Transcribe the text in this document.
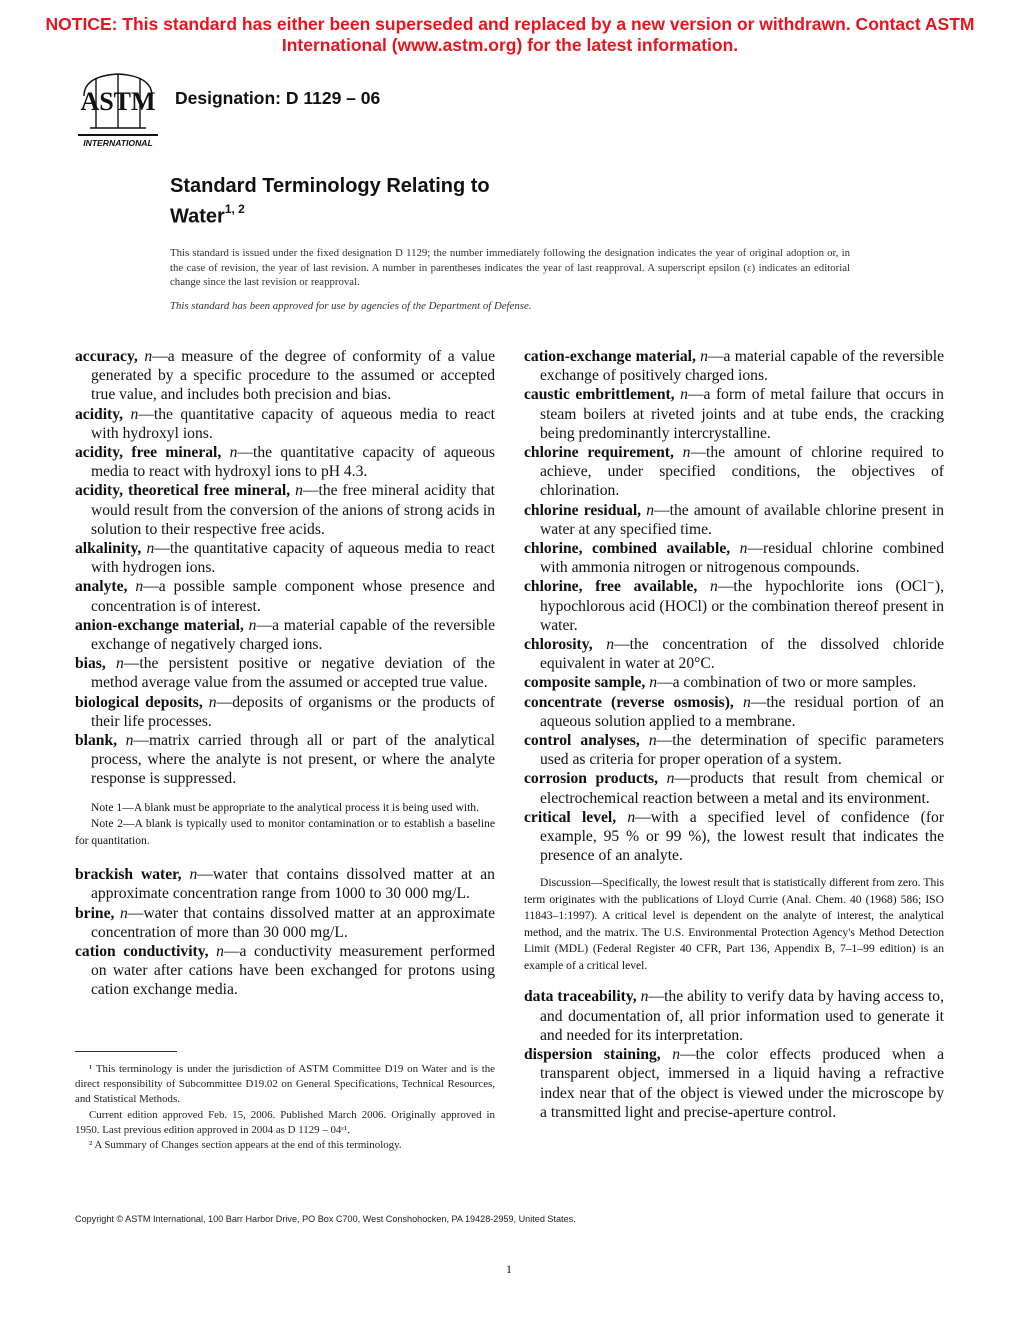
NOTICE: This standard has either been superseded and replaced by a new version or withdrawn. Contact ASTM International (www.astm.org) for the latest information.
ASTM
INTERNATIONAL
Designation: D 1129 – 06
Standard Terminology Relating to
Water$^{1, 2}$
This standard is issued under the fixed designation D 1129; the number immediately following the designation indicates the year of original adoption or, in the case of revision, the year of last revision. A number in parentheses indicates the year of last reapproval. A superscript epsilon (ε) indicates an editorial change since the last revision or reapproval.
This standard has been approved for use by agencies of the Department of Defense.

accuracy, n—a measure of the degree of conformity of a value generated by a specific procedure to the assumed or accepted true value, and includes both precision and bias.

acidity, n—the quantitative capacity of aqueous media to react with hydroxyl ions.

acidity, free mineral, n—the quantitative capacity of aqueous media to react with hydroxyl ions to pH 4.3.

acidity, theoretical free mineral, n—the free mineral acidity that would result from the conversion of the anions of strong acids in solution to their respective free acids.

alkalinity, n—the quantitative capacity of aqueous media to react with hydrogen ions.

analyte, n—a possible sample component whose presence and concentration is of interest.

anion-exchange material, n—a material capable of the reversible exchange of negatively charged ions.

bias, n—the persistent positive or negative deviation of the method average value from the assumed or accepted true value.

biological deposits, n—deposits of organisms or the products of their life processes.

blank, n—matrix carried through all or part of the analytical process, where the analyte is not present, or where the analyte response is suppressed.

Note 1—A blank must be appropriate to the analytical process it is being used with.

Note 2—A blank is typically used to monitor contamination or to establish a baseline for quantitation.

brackish water, n—water that contains dissolved matter at an approximate concentration range from 1000 to 30 000 mg/L.

brine, n—water that contains dissolved matter at an approximate concentration of more than 30 000 mg/L.

cation conductivity, n—a conductivity measurement performed on water after cations have been exchanged for protons using cation exchange media.

¹ This terminology is under the jurisdiction of ASTM Committee D19 on Water and is the direct responsibility of Subcommittee D19.02 on General Specifications, Technical Resources, and Statistical Methods.

Current edition approved Feb. 15, 2006. Published March 2006. Originally approved in 1950. Last previous edition approved in 2004 as D 1129 – 04ᵋ¹.

² A Summary of Changes section appears at the end of this terminology.

cation-exchange material, n—a material capable of the reversible exchange of positively charged ions.

caustic embrittlement, n—a form of metal failure that occurs in steam boilers at riveted joints and at tube ends, the cracking being predominantly intercrystalline.

chlorine requirement, n—the amount of chlorine required to achieve, under specified conditions, the objectives of chlorination.

chlorine residual, n—the amount of available chlorine present in water at any specified time.

chlorine, combined available, n—residual chlorine combined with ammonia nitrogen or nitrogenous compounds.

chlorine, free available, n—the hypochlorite ions (OCl⁻), hypochlorous acid (HOCl) or the combination thereof present in water.

chlorosity, n—the concentration of the dissolved chloride equivalent in water at 20°C.

composite sample, n—a combination of two or more samples.

concentrate (reverse osmosis), n—the residual portion of an aqueous solution applied to a membrane.

control analyses, n—the determination of specific parameters used as criteria for proper operation of a system.

corrosion products, n—products that result from chemical or electrochemical reaction between a metal and its environment.

critical level, n—with a specified level of confidence (for example, 95 % or 99 %), the lowest result that indicates the presence of an analyte.

Discussion—Specifically, the lowest result that is statistically different from zero. This term originates with the publications of Lloyd Currie (Anal. Chem. 40 (1968) 586; ISO 11843–1:1997). A critical level is dependent on the analyte of interest, the analytical method, and the matrix. The U.S. Environmental Protection Agency's Method Detection Limit (MDL) (Federal Register 40 CFR, Part 136, Appendix B, 7–1–99 edition) is an example of a critical level.

data traceability, n—the ability to verify data by having access to, and documentation of, all prior information used to generate it and needed for its interpretation.

dispersion staining, n—the color effects produced when a transparent object, immersed in a liquid having a refractive index near that of the object is viewed under the microscope by a transmitted light and precise-aperture control.

Copyright © ASTM International, 100 Barr Harbor Drive, PO Box C700, West Conshohocken, PA 19428-2959, United States.
1
